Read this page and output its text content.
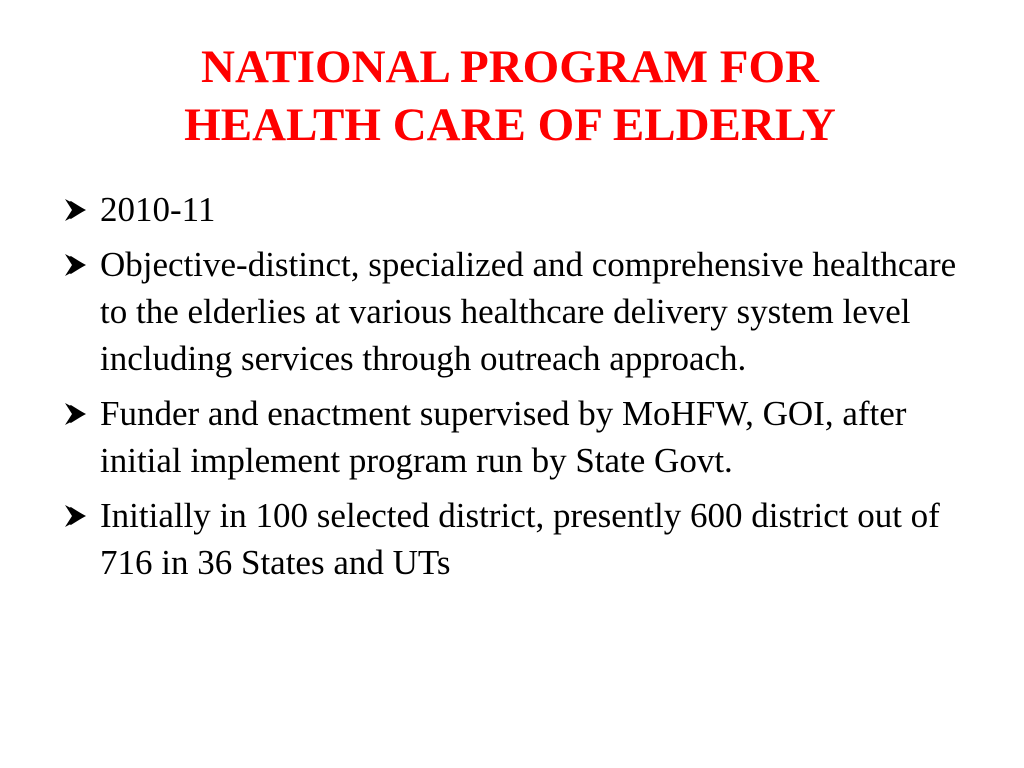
NATIONAL PROGRAM FOR
HEALTH CARE OF ELDERLY
2010-11
Objective-distinct, specialized and comprehensive healthcare to the elderlies at various healthcare delivery system level including services through outreach approach.
Funder and enactment supervised by MoHFW, GOI, after initial implement program run by State Govt.
Initially in 100 selected district, presently 600 district out of 716 in 36 States and UTs
